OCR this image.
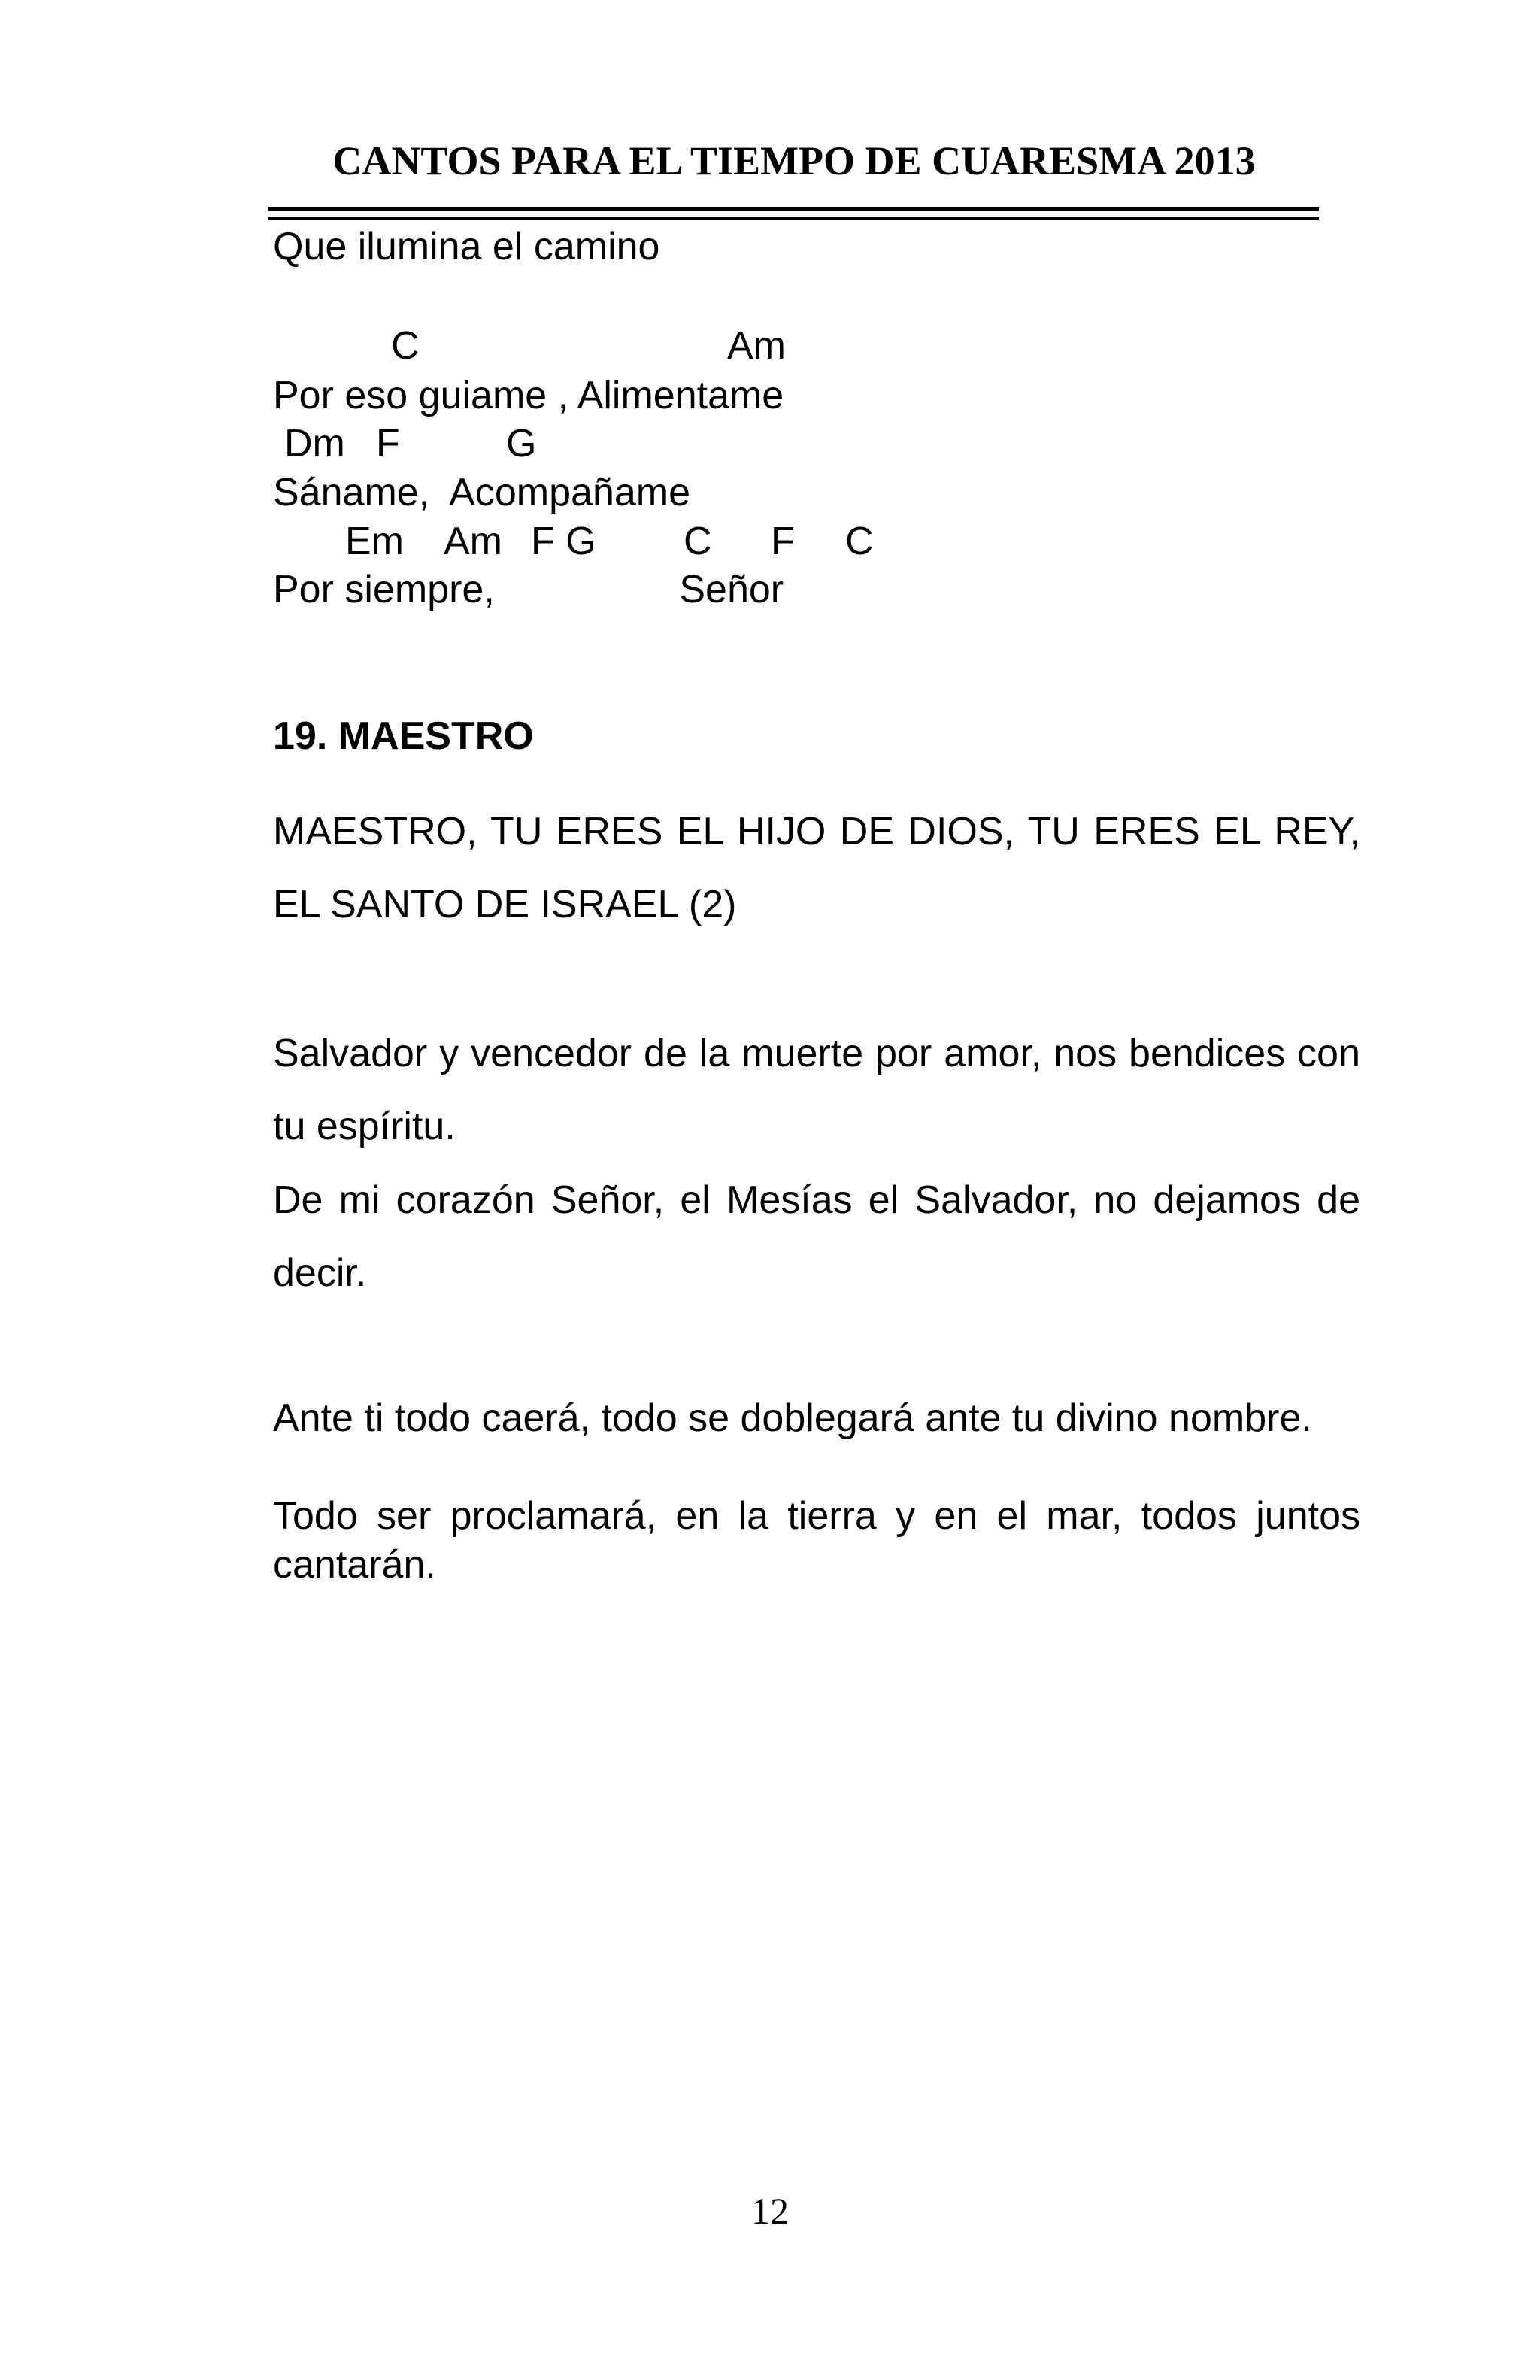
CANTOS PARA EL TIEMPO DE CUARESMA 2013
Que ilumina el camino
C	Am
Por eso guiame , Alimentame
Dm F	G
Sáname,  Acompañame
Em Am F G C F C
Por siempre,                 Señor
19. MAESTRO
MAESTRO, TU ERES EL HIJO DE DIOS, TU ERES EL REY, EL SANTO DE ISRAEL (2)
Salvador y vencedor de la muerte por amor, nos bendices con tu espíritu.
De mi corazón Señor, el Mesías el Salvador, no dejamos de decir.
Ante ti todo caerá, todo se doblegará ante tu divino nombre.
Todo ser proclamará, en la tierra y en el mar, todos juntos cantarán.
12
